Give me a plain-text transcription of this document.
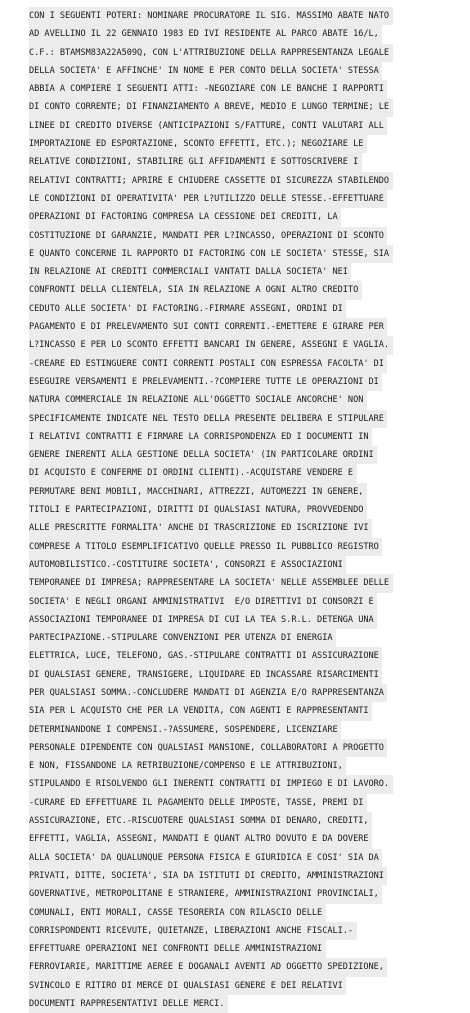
CON I SEGUENTI POTERI: NOMINARE PROCURATORE IL SIG. MASSIMO ABATE NATO
AD AVELLINO IL 22 GENNAIO 1983 ED IVI RESIDENTE AL PARCO ABATE 16/L,
C.F.: BTAMSM83A22A509Q, CON L'ATTRIBUZIONE DELLA RAPPRESENTANZA LEGALE
DELLA SOCIETA' E AFFINCHE' IN NOME E PER CONTO DELLA SOCIETA' STESSA
ABBIA A COMPIERE I SEGUENTI ATTI: -NEGOZIARE CON LE BANCHE I RAPPORTI
DI CONTO CORRENTE; DI FINANZIAMENTO A BREVE, MEDIO E LUNGO TERMINE; LE
LINEE DI CREDITO DIVERSE (ANTICIPAZIONI S/FATTURE, CONTI VALUTARI ALL
IMPORTAZIONE ED ESPORTAZIONE, SCONTO EFFETTI, ETC.); NEGOZIARE LE
RELATIVE CONDIZIONI, STABILIRE GLI AFFIDAMENTI E SOTTOSCRIVERE I
RELATIVI CONTRATTI; APRIRE E CHIUDERE CASSETTE DI SICUREZZA STABILENDO
LE CONDIZIONI DI OPERATIVITA' PER L?UTILIZZO DELLE STESSE.-EFFETTUARE
OPERAZIONI DI FACTORING COMPRESA LA CESSIONE DEI CREDITI, LA
COSTITUZIONE DI GARANZIE, MANDATI PER L?INCASSO, OPERAZIONI DI SCONTO
E QUANTO CONCERNE IL RAPPORTO DI FACTORING CON LE SOCIETA' STESSE, SIA
IN RELAZIONE AI CREDITI COMMERCIALI VANTATI DALLA SOCIETA' NEI
CONFRONTI DELLA CLIENTELA, SIA IN RELAZIONE A OGNI ALTRO CREDITO
CEDUTO ALLE SOCIETA' DI FACTORING.-FIRMARE ASSEGNI, ORDINI DI
PAGAMENTO E DI PRELEVAMENTO SUI CONTI CORRENTI.-EMETTERE E GIRARE PER
L?INCASSO E PER LO SCONTO EFFETTI BANCARI IN GENERE, ASSEGNI E VAGLIA.
-CREARE ED ESTINGUERE CONTI CORRENTI POSTALI CON ESPRESSA FACOLTA' DI
ESEGUIRE VERSAMENTI E PRELEVAMENTI.-?COMPIERE TUTTE LE OPERAZIONI DI
NATURA COMMERCIALE IN RELAZIONE ALL'OGGETTO SOCIALE ANCORCHE' NON
SPECIFICAMENTE INDICATE NEL TESTO DELLA PRESENTE DELIBERA E STIPULARE
I RELATIVI CONTRATTI E FIRMARE LA CORRISPONDENZA ED I DOCUMENTI IN
GENERE INERENTI ALLA GESTIONE DELLA SOCIETA' (IN PARTICOLARE ORDINI
DI ACQUISTO E CONFERME DI ORDINI CLIENTI).-ACQUISTARE VENDERE E
PERMUTARE BENI MOBILI, MACCHINARI, ATTREZZI, AUTOMEZZI IN GENERE,
TITOLI E PARTECIPAZIONI, DIRITTI DI QUALSIASI NATURA, PROVVEDENDO
ALLE PRESCRITTE FORMALITA' ANCHE DI TRASCRIZIONE ED ISCRIZIONE IVI
COMPRESE A TITOLO ESEMPLIFICATIVO QUELLE PRESSO IL PUBBLICO REGISTRO
AUTOMOBILISTICO.-COSTITUIRE SOCIETA', CONSORZI E ASSOCIAZIONI
TEMPORANEE DI IMPRESA; RAPPRESENTARE LA SOCIETA' NELLE ASSEMBLEE DELLE
SOCIETA' E NEGLI ORGANI AMMINISTRATIVI  E/O DIRETTIVI DI CONSORZI E
ASSOCIAZIONI TEMPORANEE DI IMPRESA DI CUI LA TEA S.R.L. DETENGA UNA
PARTECIPAZIONE.-STIPULARE CONVENZIONI PER UTENZA DI ENERGIA
ELETTRICA, LUCE, TELEFONO, GAS.-STIPULARE CONTRATTI DI ASSICURAZIONE
DI QUALSIASI GENERE, TRANSIGERE, LIQUIDARE ED INCASSARE RISARCIMENTI
PER QUALSIASI SOMMA.-CONCLUDERE MANDATI DI AGENZIA E/O RAPPRESENTANZA
SIA PER L ACQUISTO CHE PER LA VENDITA, CON AGENTI E RAPPRESENTANTI
DETERMINANDONE I COMPENSI.-?ASSUMERE, SOSPENDERE, LICENZIARE
PERSONALE DIPENDENTE CON QUALSIASI MANSIONE, COLLABORATORI A PROGETTO
E NON, FISSANDONE LA RETRIBUZIONE/COMPENSO E LE ATTRIBUZIONI,
STIPULANDO E RISOLVENDO GLI INERENTI CONTRATTI DI IMPIEGO E DI LAVORO.
-CURARE ED EFFETTUARE IL PAGAMENTO DELLE IMPOSTE, TASSE, PREMI DI
ASSICURAZIONE, ETC.-RISCUOTERE QUALSIASI SOMMA DI DENARO, CREDITI,
EFFETTI, VAGLIA, ASSEGNI, MANDATI E QUANT ALTRO DOVUTO E DA DOVERE
ALLA SOCIETA' DA QUALUNQUE PERSONA FISICA E GIURIDICA E COSI' SIA DA
PRIVATI, DITTE, SOCIETA', SIA DA ISTITUTI DI CREDITO, AMMINISTRAZIONI
GOVERNATIVE, METROPOLITANE E STRANIERE, AMMINISTRAZIONI PROVINCIALI,
COMUNALI, ENTI MORALI, CASSE TESORERIA CON RILASCIO DELLE
CORRISPONDENTI RICEVUTE, QUIETANZE, LIBERAZIONI ANCHE FISCALI.-
EFFETTUARE OPERAZIONI NEI CONFRONTI DELLE AMMINISTRAZIONI
FERROVIARIE, MARITTIME AEREE E DOGANALI AVENTI AD OGGETTO SPEDIZIONE,
SVINCOLO E RITIRO DI MERCE DI QUALSIASI GENERE E DEI RELATIVI
DOCUMENTI RAPPRESENTATIVI DELLE MERCI.
